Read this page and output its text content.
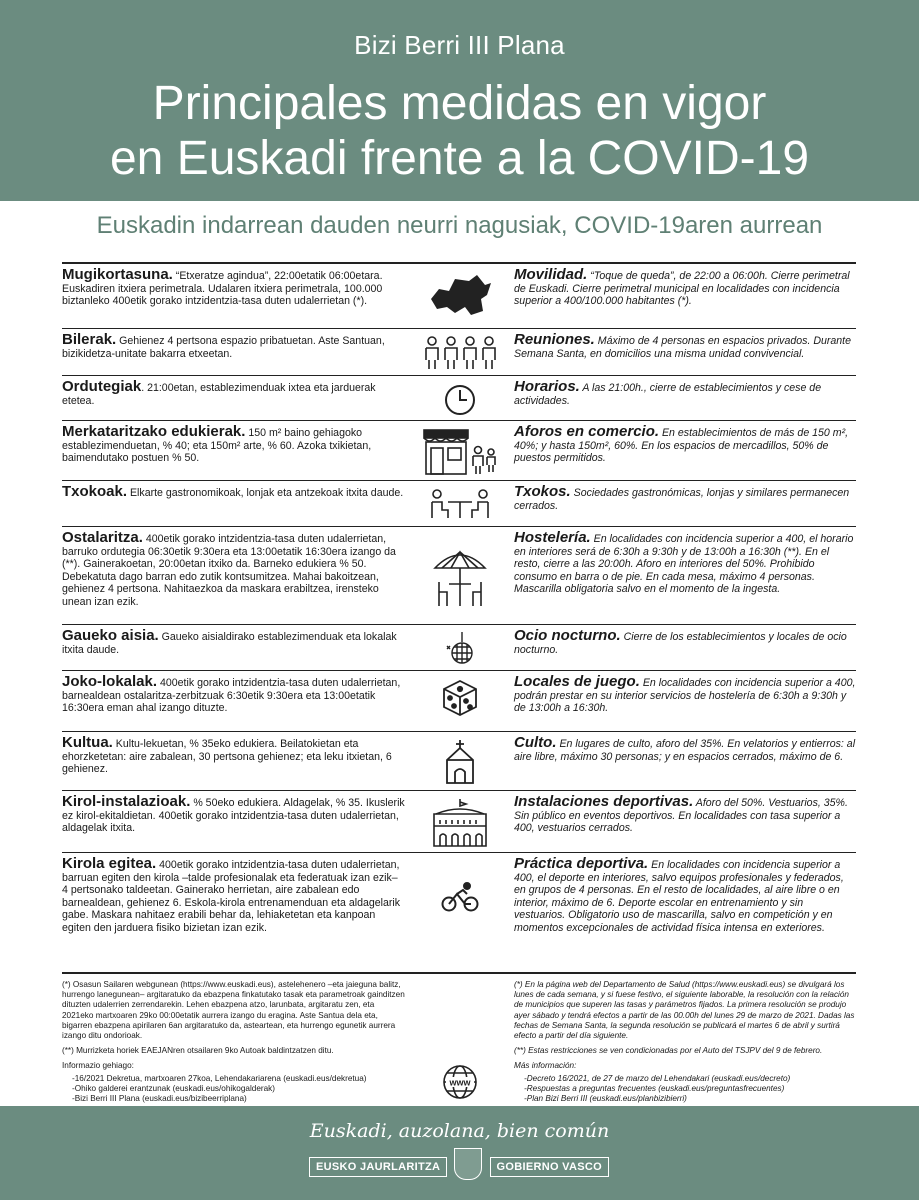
Bizi Berri III Plana
Principales medidas en vigor
en Euskadi frente a la COVID-19
Euskadin indarrean dauden neurri nagusiak, COVID-19aren aurrean
Mugikortasuna. “Etxeratze agindua”, 22:00etatik 06:00etara. Euskadiren itxiera perimetrala. Udalaren itxiera perimetrala, 100.000 biztanleko 400etik gorako intzidentzia-tasa duten udalerrietan (*).
Movilidad. “Toque de queda”, de 22:00 a 06:00h. Cierre perimetral de Euskadi. Cierre perimetral municipal en localidades con incidencia superior a 400/100.000 habitantes (*).
Bilerak. Gehienez 4 pertsona espazio pribatuetan. Aste Santuan, bizikidetza-unitate bakarra etxeetan.
Reuniones. Máximo de 4 personas en espacios privados. Durante Semana Santa, en domicilios una misma unidad convivencial.
Ordutegiak. 21:00etan, establezimenduak ixtea eta jarduerak etetea.
Horarios. A las 21:00h., cierre de establecimientos y cese de actividades.
Merkataritzako edukierak. 150 m² baino gehiagoko establezimenduetan, % 40; eta 150m² arte, % 60. Azoka txikietan, baimendutako postuen % 50.
Aforos en comercio. En establecimientos de más de 150 m², 40%; y hasta 150m², 60%. En los espacios de mercadillos, 50% de puestos permitidos.
Txokoak. Elkarte gastronomikoak, lonjak eta antzekoak itxita daude.	Txokos. Sociedades gastronómicas, lonjas y similares permanecen cerrados.
Ostalaritza. 400etik gorako intzidentzia-tasa duten udalerrietan, barruko ordutegia 06:30etik 9:30era eta 13:00etatik 16:30era izango da (**). Gainerakoetan, 20:00etan itxiko da. Barneko edukiera % 50. Debekatuta dago barran edo zutik kontsumitzea. Mahai bakoitzean, gehienez 4 pertsona. Nahitaezkoa da maskara erabiltzea, irensteko unean izan ezik.
Hostelería. En localidades con incidencia superior a 400, el horario en interiores será de 6:30h a 9:30h y de 13:00h a 16:30h (**). En el resto, cierre a las 20:00h. Aforo en interiores del 50%. Prohibido consumo en barra o de pie. En cada mesa, máximo 4 personas. Mascarilla obligatoria salvo en el momento de la ingesta.
Gaueko aisia. Gaueko aisialdirako establezimenduak eta lokalak itxita daude.
Ocio nocturno. Cierre de los establecimientos y locales de ocio nocturno.
Joko-lokalak. 400etik gorako intzidentzia-tasa duten udalerrietan, barnealdean ostalaritza-zerbitzuak 6:30etik 9:30era eta 13:00etatik 16:30era eman ahal izango dituzte.
Locales de juego. En localidades con incidencia superior a 400, podrán prestar en su interior servicios de hostelería de 6:30h a 9:30h y de 13:00h a 16:30h.
Kultua. Kultu-lekuetan, % 35eko edukiera. Beilatokietan eta ehorzketetan: aire zabalean, 30 pertsona gehienez; eta leku itxietan, 6 gehienez.
Culto. En lugares de culto, aforo del 35%. En velatorios y entierros: al aire libre, máximo 30 personas; y en espacios cerrados, máximo de 6.
Kirol-instalazioak. % 50eko edukiera. Aldagelak, % 35. Ikuslerik ez kirol-ekitaldietan. 400etik gorako intzidentzia-tasa duten udalerrietan, aldagelak itxita.
Instalaciones deportivas. Aforo del 50%. Vestuarios, 35%. Sin público en eventos deportivos. En localidades con tasa superior a 400, vestuarios cerrados.
Kirola egitea. 400etik gorako intzidentzia-tasa duten udalerrietan, barruan egiten den kirola –talde profesionalak eta federatuak izan ezik– 4 pertsonako taldeetan. Gainerako herrietan, aire zabalean edo barnealdean, gehienez 6. Eskola-kirola entrenamenduan eta aldagelarik gabe. Maskara nahitaez erabili behar da, lehiaketetan eta kanpoan egiten den jarduera fisiko bizietan izan ezik.
Práctica deportiva. En localidades con incidencia superior a 400, el deporte en interiores, salvo equipos profesionales y federados, en grupos de 4 personas. En el resto de localidades, al aire libre o en interior, máximo de 6. Deporte escolar en entrenamiento y sin vestuarios. Obligatorio uso de mascarilla, salvo en competición y en momentos excepcionales de actividad física intensa en exteriores.

(*) Osasun Sailaren webgunean (https://www.euskadi.eus), astelehenero –eta jaieguna balitz, hurrengo lanegunean– argitaratuko da ebazpena finkatutako tasak eta parametroak gainditzen dituzten udalerrien zerrendarekin. Lehen ebazpena atzo, larunbata, argitaratu zen, eta 2021eko martxoaren 29ko 00:00etatik aurrera izango du eragina. Aste Santua dela eta, bigarren ebazpena apirilaren 6an argitaratuko da, asteartean, eta hurrengo egunetik aurrera izango ditu ondorioak.

(**) Murrizketa horiek EAEJANren otsailaren 9ko Autoak baldintzatzen ditu.

Informazio gehiago:

-16/2021 Dekretua, martxoaren 27koa, Lehendakariarena (euskadi.eus/dekretua)

-Ohiko galderei erantzunak (euskadi.eus/ohikogalderak)

-Bizi Berri III Plana (euskadi.eus/bizibeerriplana)

www

(*) En la página web del Departamento de Salud (https://www.euskadi.eus) se divulgará los lunes de cada semana, y si fuese festivo, el siguiente laborable, la resolución con la relación de municipios que superen las tasas y parámetros fijados. La primera resolución se produjo ayer sábado y tendrá efectos a partir de las 00.00h del lunes 29 de marzo de 2021. Dadas las fechas de Semana Santa, la segunda resolución se publicará el martes 6 de abril y surtirá efecto a partir del día siguiente.

(**) Estas restricciones se ven condicionadas por el Auto del TSJPV del 9 de febrero.

Más información:

-Decreto 16/2021, de 27 de marzo del Lehendakari (euskadi.eus/decreto)

-Respuestas a preguntas frecuentes (euskadi.eus/preguntasfrecuentes)

-Plan Bizi Berri III (euskadi.eus/planbizibierri)

Euskadi, auzolana, bien común
EUSKO JAURLARITZA	GOBIERNO VASCO
